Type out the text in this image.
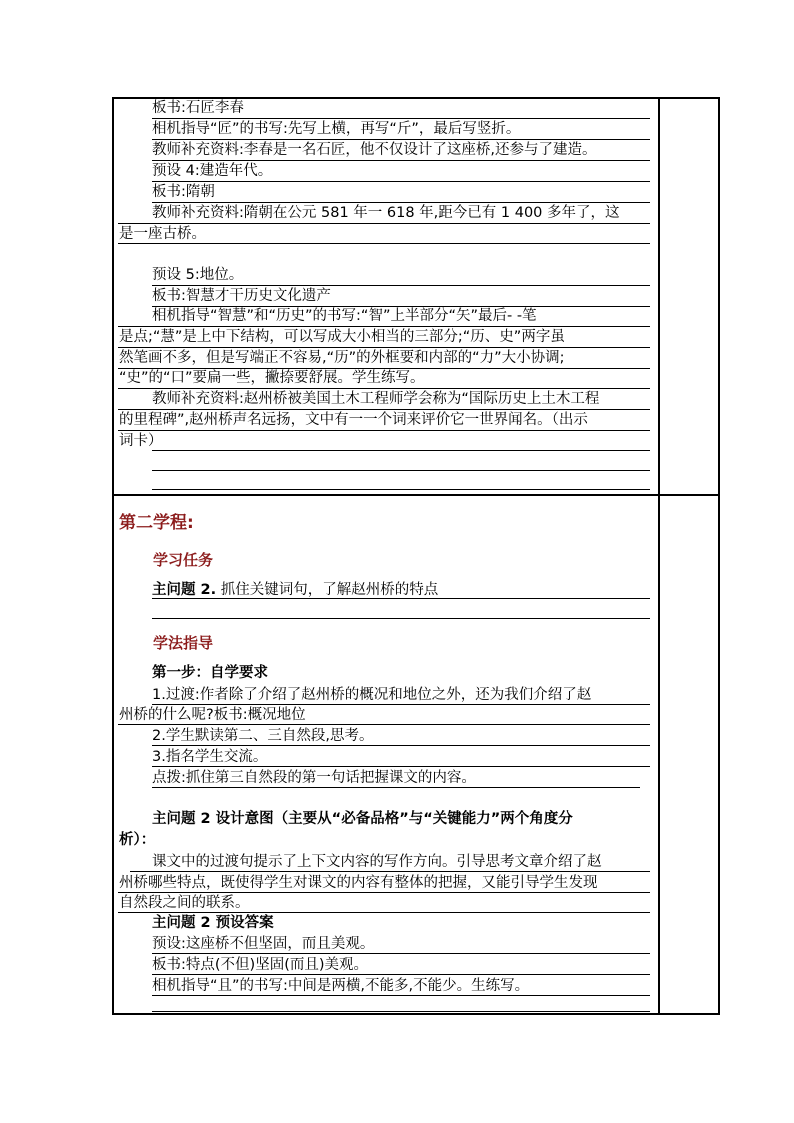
板书:石匠李春
相机指导“匠”的书写:先写上横，再写“斤”，最后写竖折。
教师补充资料:李春是一名石匠，他不仅设计了这座桥,还参与了建造。
预设 4:建造年代。
板书:隋朝
教师补充资料:隋朝在公元 581 年一 618 年,距今已有 1 400 多年了，这
是一座古桥。
预设 5:地位。
板书:智慧才干历史文化遗产
相机指导“智慧”和“历史”的书写:“智”上半部分“矢”最后- -笔
是点;“慧”是上中下结构，可以写成大小相当的三部分;“历、史”两字虽
然笔画不多，但是写端正不容易,“历”的外框要和内部的“力”大小协调;
“史”的“口”要扁一些，撇捺要舒展。学生练写。
教师补充资料:赵州桥被美国土木工程师学会称为“国际历史上土木工程
的里程碑”,赵州桥声名远扬，文中有一一个词来评价它一世界闻名。（出示
词卡）
第二学程:
学习任务
主问题 2. 抓住关键词句，了解赵州桥的特点
学法指导
第一步：自学要求
1.过渡:作者除了介绍了赵州桥的概况和地位之外，还为我们介绍了赵
州桥的什么呢?板书:概况地位
2.学生默读第二、三自然段,思考。
3.指名学生交流。
点拨:抓住第三自然段的第一句话把握课文的内容。
主问题 2 设计意图（主要从“必备品格”与“关键能力”两个角度分
析）：
课文中的过渡句提示了上下文内容的写作方向。引导思考文章介绍了赵
州桥哪些特点，既使得学生对课文的内容有整体的把握，又能引导学生发现
自然段之间的联系。
主问题 2 预设答案
预设:这座桥不但坚固，而且美观。
板书:特点(不但)坚固(而且)美观。
相机指导“且”的书写:中间是两横,不能多,不能少。生练写。
